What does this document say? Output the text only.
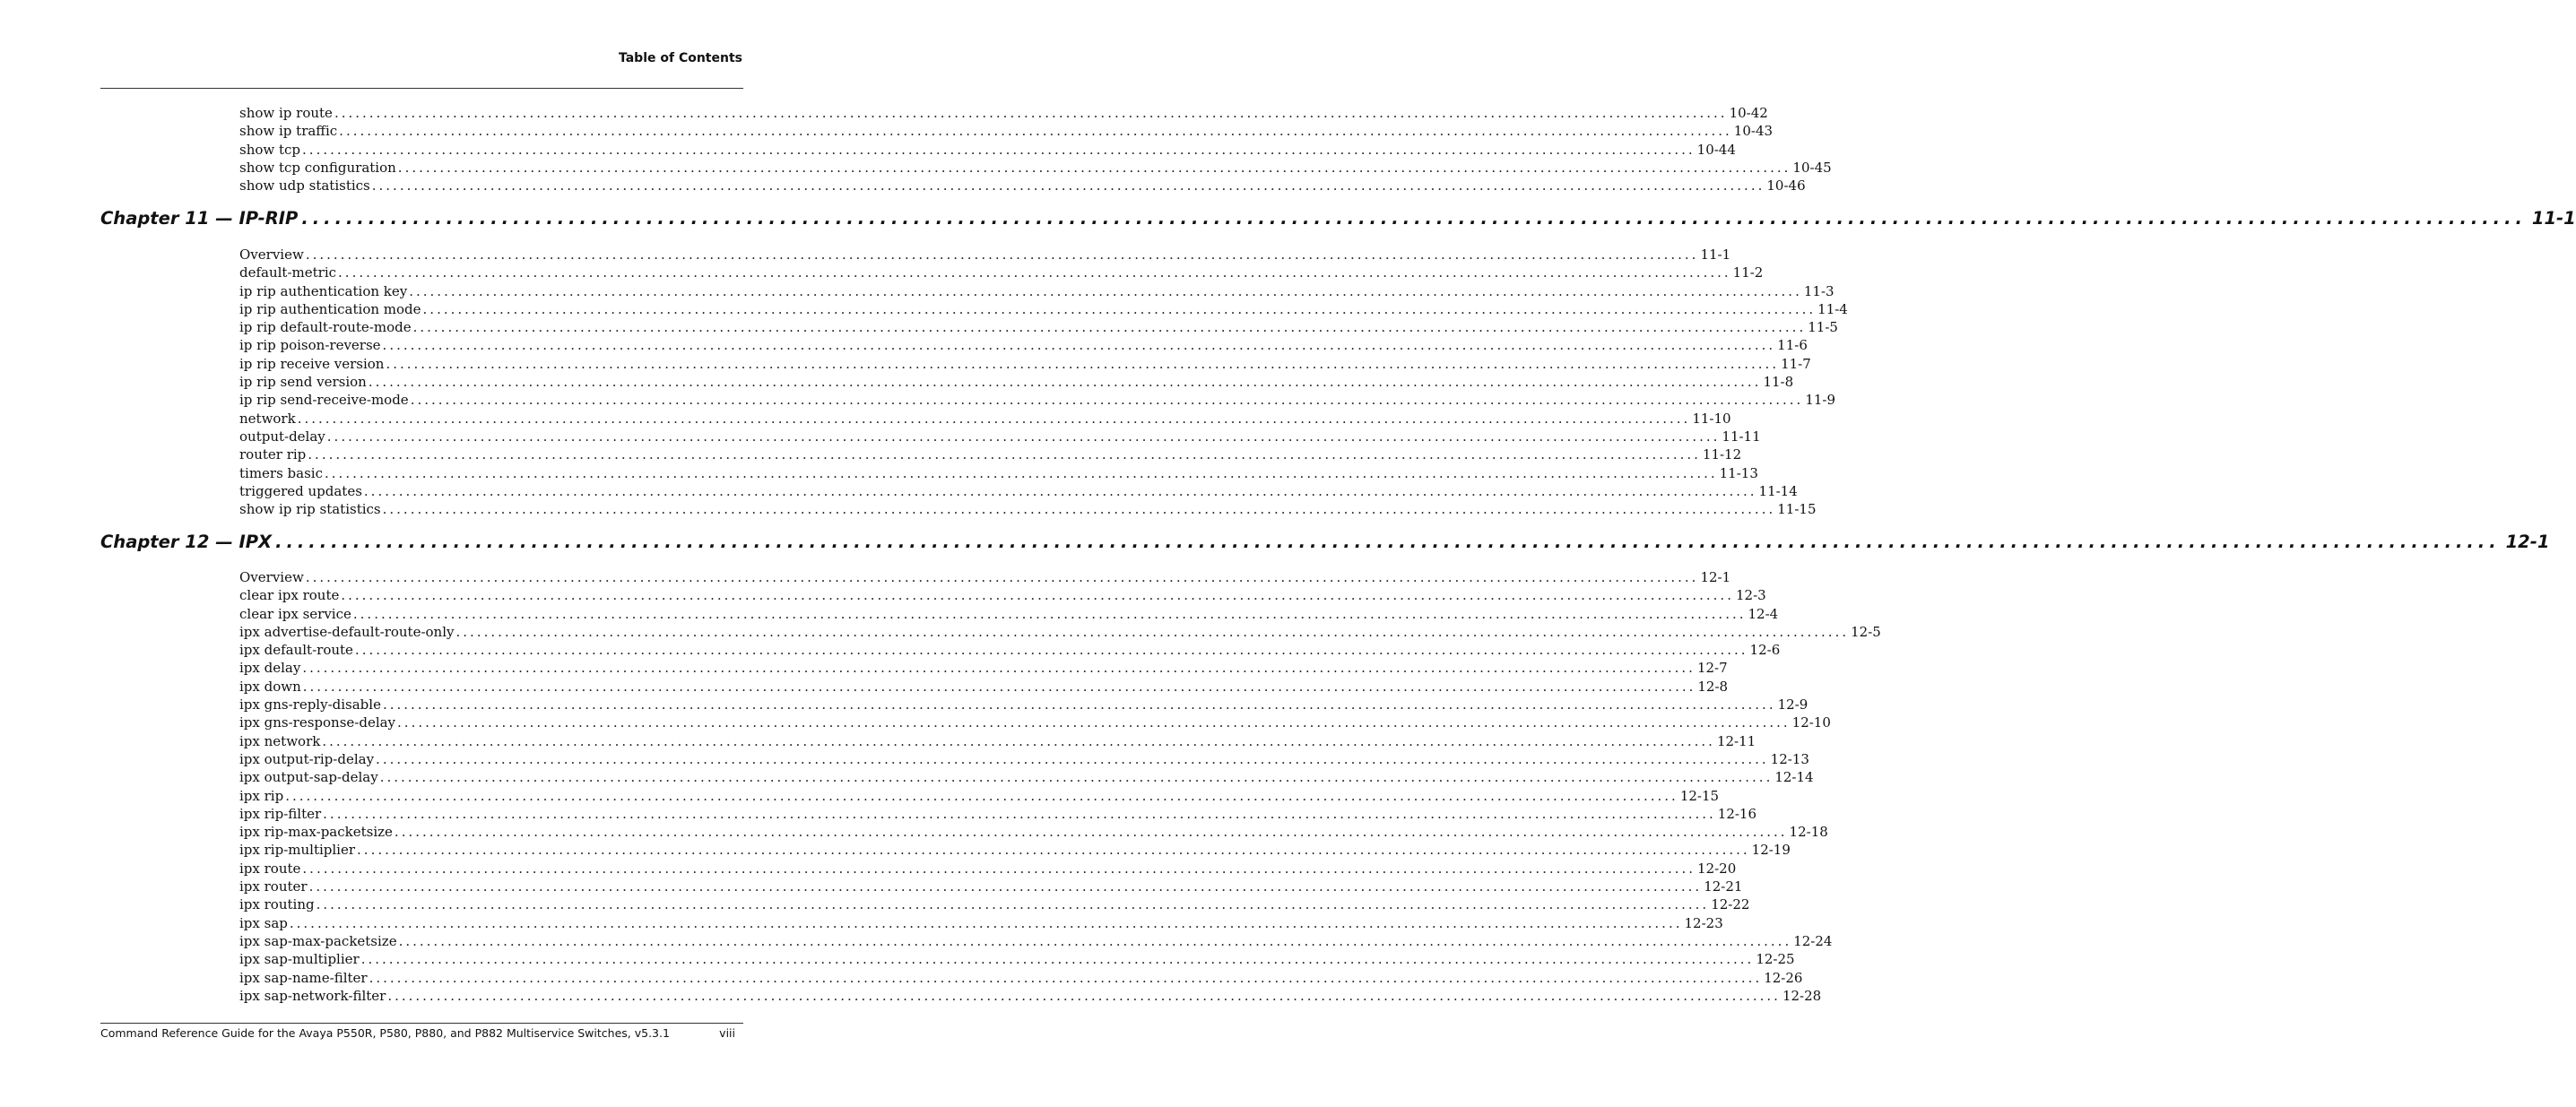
Table of Contents
show ip route ........................................................................................................................................................................................................ 10-42
show ip traffic ........................................................................................................................................................................................................ 10-43
show tcp ........................................................................................................................................................................................................ 10-44
show tcp configuration ........................................................................................................................................................................................................ 10-45
show udp statistics ........................................................................................................................................................................................................ 10-46
Chapter 11 — IP-RIP ........................................................................................................................................................................................................ 11-1
Overview ........................................................................................................................................................................................................ 11-1
default-metric ........................................................................................................................................................................................................ 11-2
ip rip authentication key ........................................................................................................................................................................................................ 11-3
ip rip authentication mode ........................................................................................................................................................................................................ 11-4
ip rip default-route-mode ........................................................................................................................................................................................................ 11-5
ip rip poison-reverse ........................................................................................................................................................................................................ 11-6
ip rip receive version ........................................................................................................................................................................................................ 11-7
ip rip send version ........................................................................................................................................................................................................ 11-8
ip rip send-receive-mode ........................................................................................................................................................................................................ 11-9
network ........................................................................................................................................................................................................ 11-10
output-delay ........................................................................................................................................................................................................ 11-11
router rip ........................................................................................................................................................................................................ 11-12
timers basic ........................................................................................................................................................................................................ 11-13
triggered updates ........................................................................................................................................................................................................ 11-14
show ip rip statistics ........................................................................................................................................................................................................ 11-15
Chapter 12 — IPX ........................................................................................................................................................................................................ 12-1
Overview ........................................................................................................................................................................................................ 12-1
clear ipx route ........................................................................................................................................................................................................ 12-3
clear ipx service ........................................................................................................................................................................................................ 12-4
ipx advertise-default-route-only ........................................................................................................................................................................................................ 12-5
ipx default-route ........................................................................................................................................................................................................ 12-6
ipx delay ........................................................................................................................................................................................................ 12-7
ipx down ........................................................................................................................................................................................................ 12-8
ipx gns-reply-disable ........................................................................................................................................................................................................ 12-9
ipx gns-response-delay ........................................................................................................................................................................................................ 12-10
ipx network ........................................................................................................................................................................................................ 12-11
ipx output-rip-delay ........................................................................................................................................................................................................ 12-13
ipx output-sap-delay ........................................................................................................................................................................................................ 12-14
ipx rip ........................................................................................................................................................................................................ 12-15
ipx rip-filter ........................................................................................................................................................................................................ 12-16
ipx rip-max-packetsize ........................................................................................................................................................................................................ 12-18
ipx rip-multiplier ........................................................................................................................................................................................................ 12-19
ipx route ........................................................................................................................................................................................................ 12-20
ipx router ........................................................................................................................................................................................................ 12-21
ipx routing ........................................................................................................................................................................................................ 12-22
ipx sap ........................................................................................................................................................................................................ 12-23
ipx sap-max-packetsize ........................................................................................................................................................................................................ 12-24
ipx sap-multiplier ........................................................................................................................................................................................................ 12-25
ipx sap-name-filter ........................................................................................................................................................................................................ 12-26
ipx sap-network-filter ........................................................................................................................................................................................................ 12-28

Command Reference Guide for the Avaya P550R, P580, P880, and P882 Multiservice Switches, v5.3.1	viii
